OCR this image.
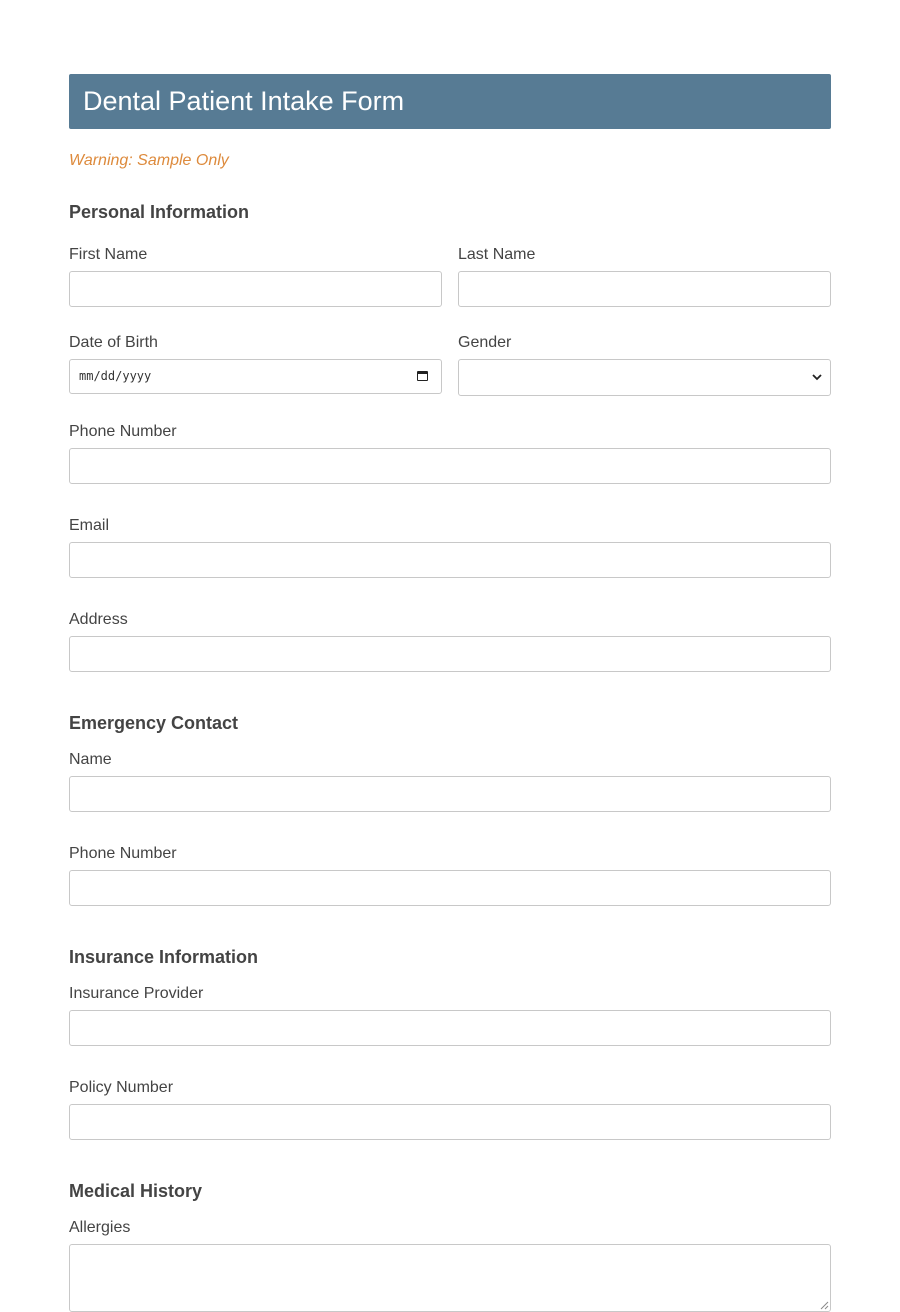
Dental Patient Intake Form
Warning: Sample Only
Personal Information
First Name	Last Name
Date of Birth
mm/dd/yyyy
Gender
Phone Number
Email
Address
Emergency Contact
Name
Phone Number
Insurance Information
Insurance Provider
Policy Number
Medical History
Allergies
